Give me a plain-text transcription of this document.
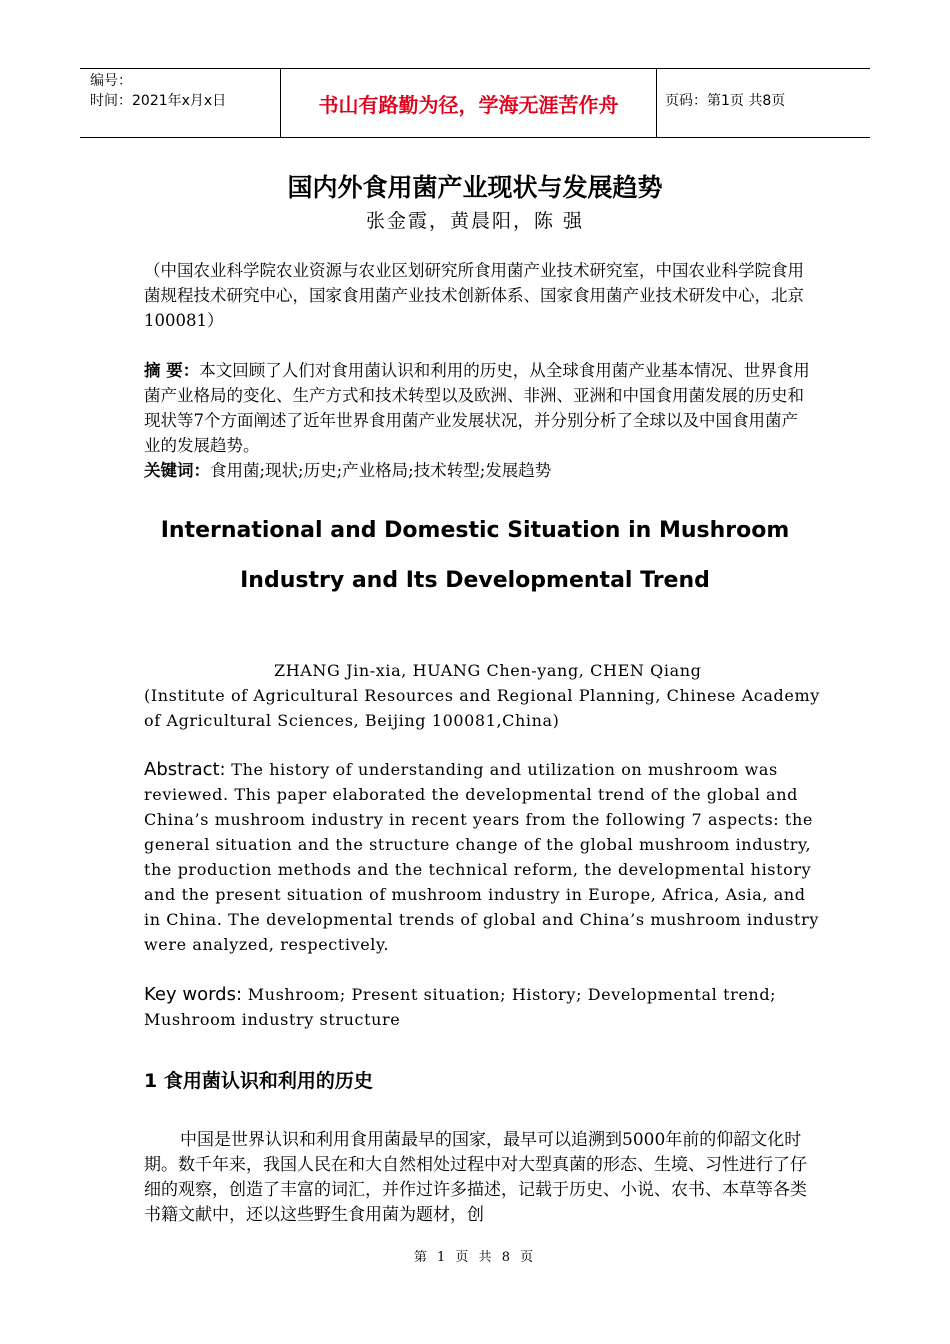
编号：
时间：2021年x月x日	书山有路勤为径，学海无涯苦作舟	页码：第1页 共8页
国内外食用菌产业现状与发展趋势
张金霞，黄晨阳，陈 强
（中国农业科学院农业资源与农业区划研究所食用菌产业技术研究室，中国农业科学院食用菌规程技术研究中心，国家食用菌产业技术创新体系、国家食用菌产业技术研发中心，北京 100081）
摘 要：本文回顾了人们对食用菌认识和利用的历史，从全球食用菌产业基本情况、世界食用菌产业格局的变化、生产方式和技术转型以及欧洲、非洲、亚洲和中国食用菌发展的历史和现状等7个方面阐述了近年世界食用菌产业发展状况，并分别分析了全球以及中国食用菌产业的发展趋势。
关键词：食用菌;现状;历史;产业格局;技术转型;发展趋势
International and Domestic Situation in Mushroom
Industry and Its Developmental Trend
ZHANG Jin-xia, HUANG Chen-yang, CHEN Qiang
(Institute of Agricultural Resources and Regional Planning, Chinese Academy of Agricultural Sciences, Beijing 100081,China)
Abstract: The history of understanding and utilization on mushroom was reviewed. This paper elaborated the developmental trend of the global and China’s mushroom industry in recent years from the following 7 aspects: the general situation and the structure change of the global mushroom industry, the production methods and the technical reform, the developmental history and the present situation of mushroom industry in Europe, Africa, Asia, and in China. The developmental trends of global and China’s mushroom industry were analyzed, respectively.
Key words: Mushroom; Present situation; History; Developmental trend; Mushroom industry structure
1 食用菌认识和利用的历史
中国是世界认识和利用食用菌最早的国家，最早可以追溯到5000年前的仰韶文化时期。数千年来，我国人民在和大自然相处过程中对大型真菌的形态、生境、习性进行了仔细的观察，创造了丰富的词汇，并作过许多描述，记载于历史、小说、农书、本草等各类书籍文献中，还以这些野生食用菌为题材，创
第 1 页 共 8 页
